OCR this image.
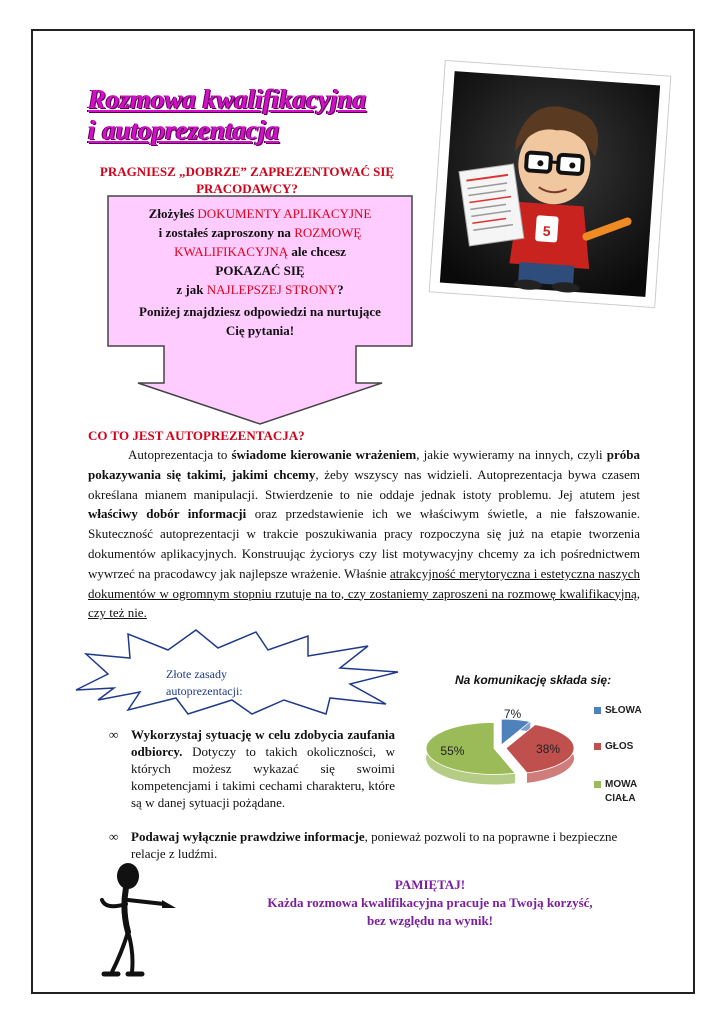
Rozmowa kwalifikacyjna
i autoprezentacja
PRAGNIESZ „DOBRZE” ZAPREZENTOWAĆ SIĘ
PRACODAWCY?
5
Złożyłeś DOKUMENTY APLIKACYJNE
i zostałeś zaproszony na ROZMOWĘ
KWALIFIKACYJNĄ ale chcesz
POKAZAĆ SIĘ
z jak NAJLEPSZEJ STRONY?
Poniżej znajdziesz odpowiedzi na nurtujące
Cię pytania!
CO TO JEST AUTOPREZENTACJA?

Autoprezentacja to świadome kierowanie wrażeniem, jakie wywieramy na innych, czyli próba pokazywania się takimi, jakimi chcemy, żeby wszyscy nas widzieli. Autoprezentacja bywa czasem określana mianem manipulacji. Stwierdzenie to nie oddaje jednak istoty problemu. Jej atutem jest właściwy dobór informacji oraz przedstawienie ich we właściwym świetle, a nie fałszowanie. Skuteczność autoprezentacji w trakcie poszukiwania pracy rozpoczyna się już na etapie tworzenia dokumentów aplikacyjnych. Konstruując życiorys czy list motywacyjny chcemy za ich pośrednictwem wywrzeć na pracodawcy jak najlepsze wrażenie. Właśnie atrakcyjność merytoryczna i estetyczna naszych dokumentów w ogromnym stopniu rzutuje na to, czy zostaniemy zaproszeni na rozmowę kwalifikacyjną, czy też nie.

Złote zasady
autoprezentacji:
Na komunikację składa się:
7%
38%
55%
SŁOWA
GŁOS
MOWA CIAŁA
∞ Wykorzystaj sytuację w celu zdobycia zaufania odbiorcy. Dotyczy to takich okoliczności, w których możesz wykazać się swoimi kompetencjami i takimi cechami charakteru, które są w danej sytuacji pożądane.
∞ Podawaj wyłącznie prawdziwe informacje, ponieważ pozwoli to na poprawne i bezpieczne relacje z ludźmi.
PAMIĘTAJ!
Każda rozmowa kwalifikacyjna pracuje na Twoją korzyść,
bez względu na wynik!
